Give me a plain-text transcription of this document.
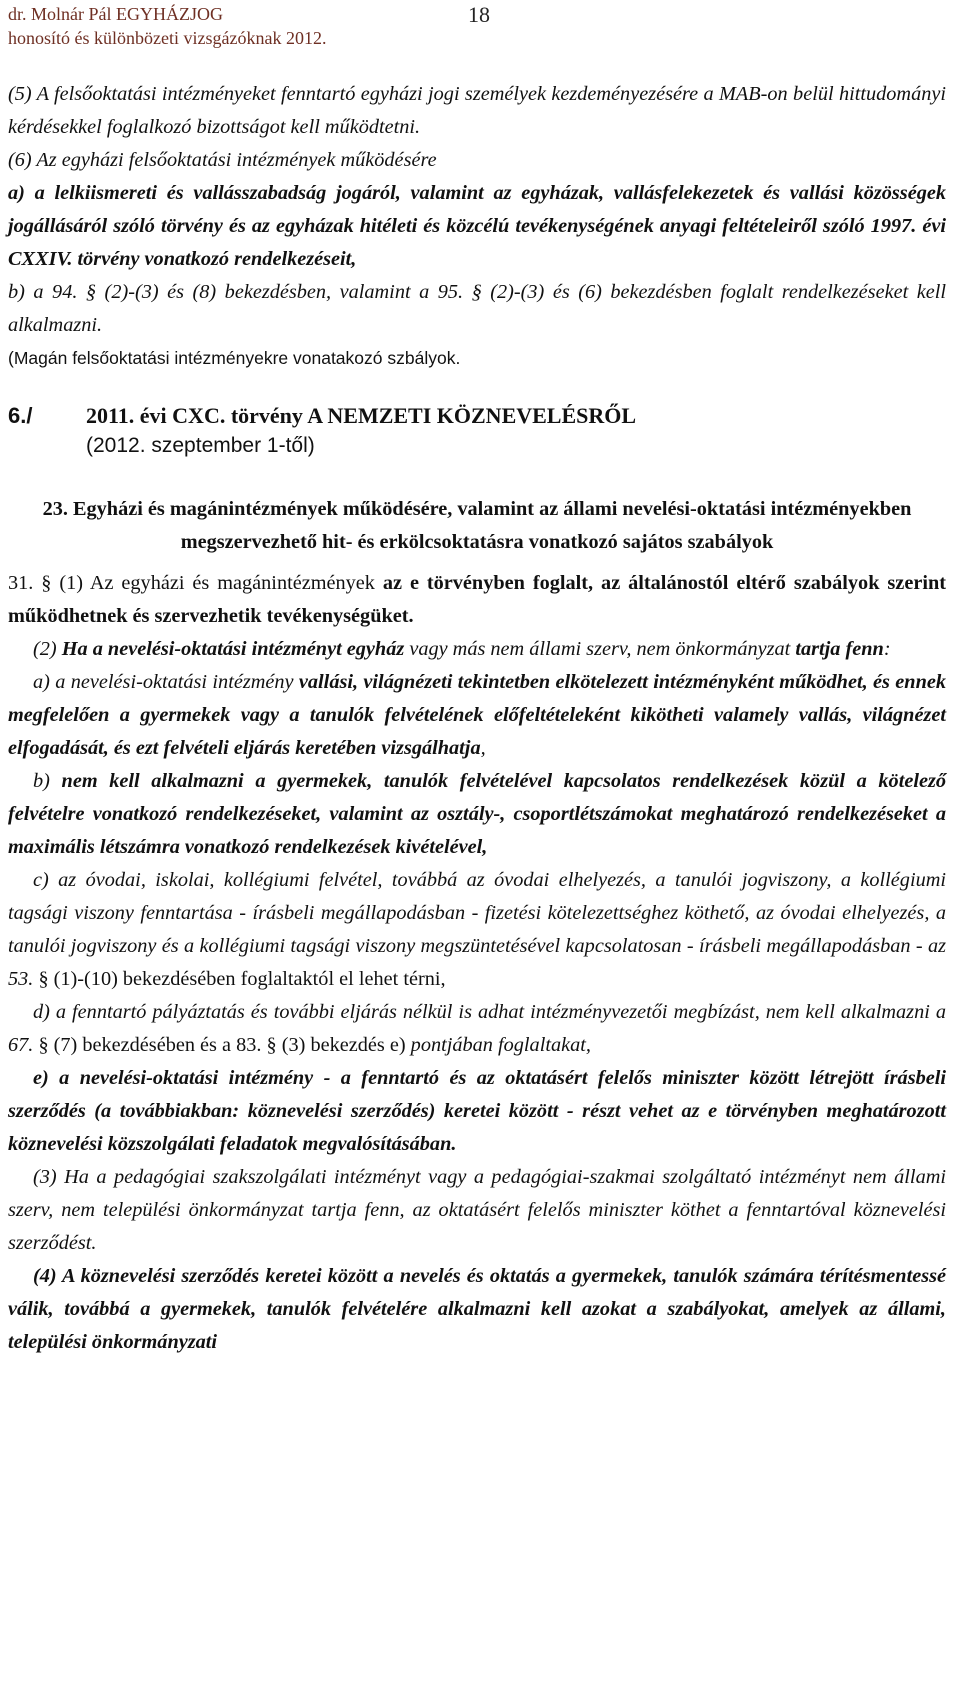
dr. Molnár Pál EGYHÁZJOG
honosító és különbözeti vizsgázóknak 2012.
18

(5) A felsőoktatási intézményeket fenntartó egyházi jogi személyek kezdeményezésére a MAB-on belül hittudományi kérdésekkel foglalkozó bizottságot kell működtetni.

(6) Az egyházi felsőoktatási intézmények működésére

a) a lelkiismereti és vallásszabadság jogáról, valamint az egyházak, vallásfelekezetek és vallási közösségek jogállásáról szóló törvény és az egyházak hitéleti és közcélú tevékenységének anyagi feltételeiről szóló 1997. évi CXXIV. törvény vonatkozó rendelkezéseit,

b) a 94. § (2)-(3) és (8) bekezdésben, valamint a 95. § (2)-(3) és (6) bekezdésben foglalt rendelkezéseket kell alkalmazni.

(Magán felsőoktatási intézményekre vonatakozó szbályok.

6./ 2011. évi CXC. törvény A NEMZETI KÖZNEVELÉSRŐL
(2012. szeptember 1-től)

23. Egyházi és magánintézmények működésére, valamint az állami nevelési-oktatási intézményekben megszervezhető hit- és erkölcsoktatásra vonatkozó sajátos szabályok

31. § (1) Az egyházi és magánintézmények az e törvényben foglalt, az általánostól eltérő szabályok szerint működhetnek és szervezhetik tevékenységüket.

(2) Ha a nevelési-oktatási intézményt egyház vagy más nem állami szerv, nem önkormányzat tartja fenn:

a) a nevelési-oktatási intézmény vallási, világnézeti tekintetben elkötelezett intézményként működhet, és ennek megfelelően a gyermekek vagy a tanulók felvételének előfeltételeként kikötheti valamely vallás, világnézet elfogadását, és ezt felvételi eljárás keretében vizsgálhatja,

b) nem kell alkalmazni a gyermekek, tanulók felvételével kapcsolatos rendelkezések közül a kötelező felvételre vonatkozó rendelkezéseket, valamint az osztály-, csoportlétszámokat meghatározó rendelkezéseket a maximális létszámra vonatkozó rendelkezések kivételével,

c) az óvodai, iskolai, kollégiumi felvétel, továbbá az óvodai elhelyezés, a tanulói jogviszony, a kollégiumi tagsági viszony fenntartása - írásbeli megállapodásban - fizetési kötelezettséghez köthető, az óvodai elhelyezés, a tanulói jogviszony és a kollégiumi tagsági viszony megszüntetésével kapcsolatosan - írásbeli megállapodásban - az 53. § (1)-(10) bekezdésében foglaltaktól el lehet térni,

d) a fenntartó pályáztatás és további eljárás nélkül is adhat intézményvezetői megbízást, nem kell alkalmazni a 67. § (7) bekezdésében és a 83. § (3) bekezdés e) pontjában foglaltakat,

e) a nevelési-oktatási intézmény - a fenntartó és az oktatásért felelős miniszter között létrejött írásbeli szerződés (a továbbiakban: köznevelési szerződés) keretei között - részt vehet az e törvényben meghatározott köznevelési közszolgálati feladatok megvalósításában.

(3) Ha a pedagógiai szakszolgálati intézményt vagy a pedagógiai-szakmai szolgáltató intézményt nem állami szerv, nem települési önkormányzat tartja fenn, az oktatásért felelős miniszter köthet a fenntartóval köznevelési szerződést.

(4) A köznevelési szerződés keretei között a nevelés és oktatás a gyermekek, tanulók számára térítésmentessé válik, továbbá a gyermekek, tanulók felvételére alkalmazni kell azokat a szabályokat, amelyek az állami, települési önkormányzati
